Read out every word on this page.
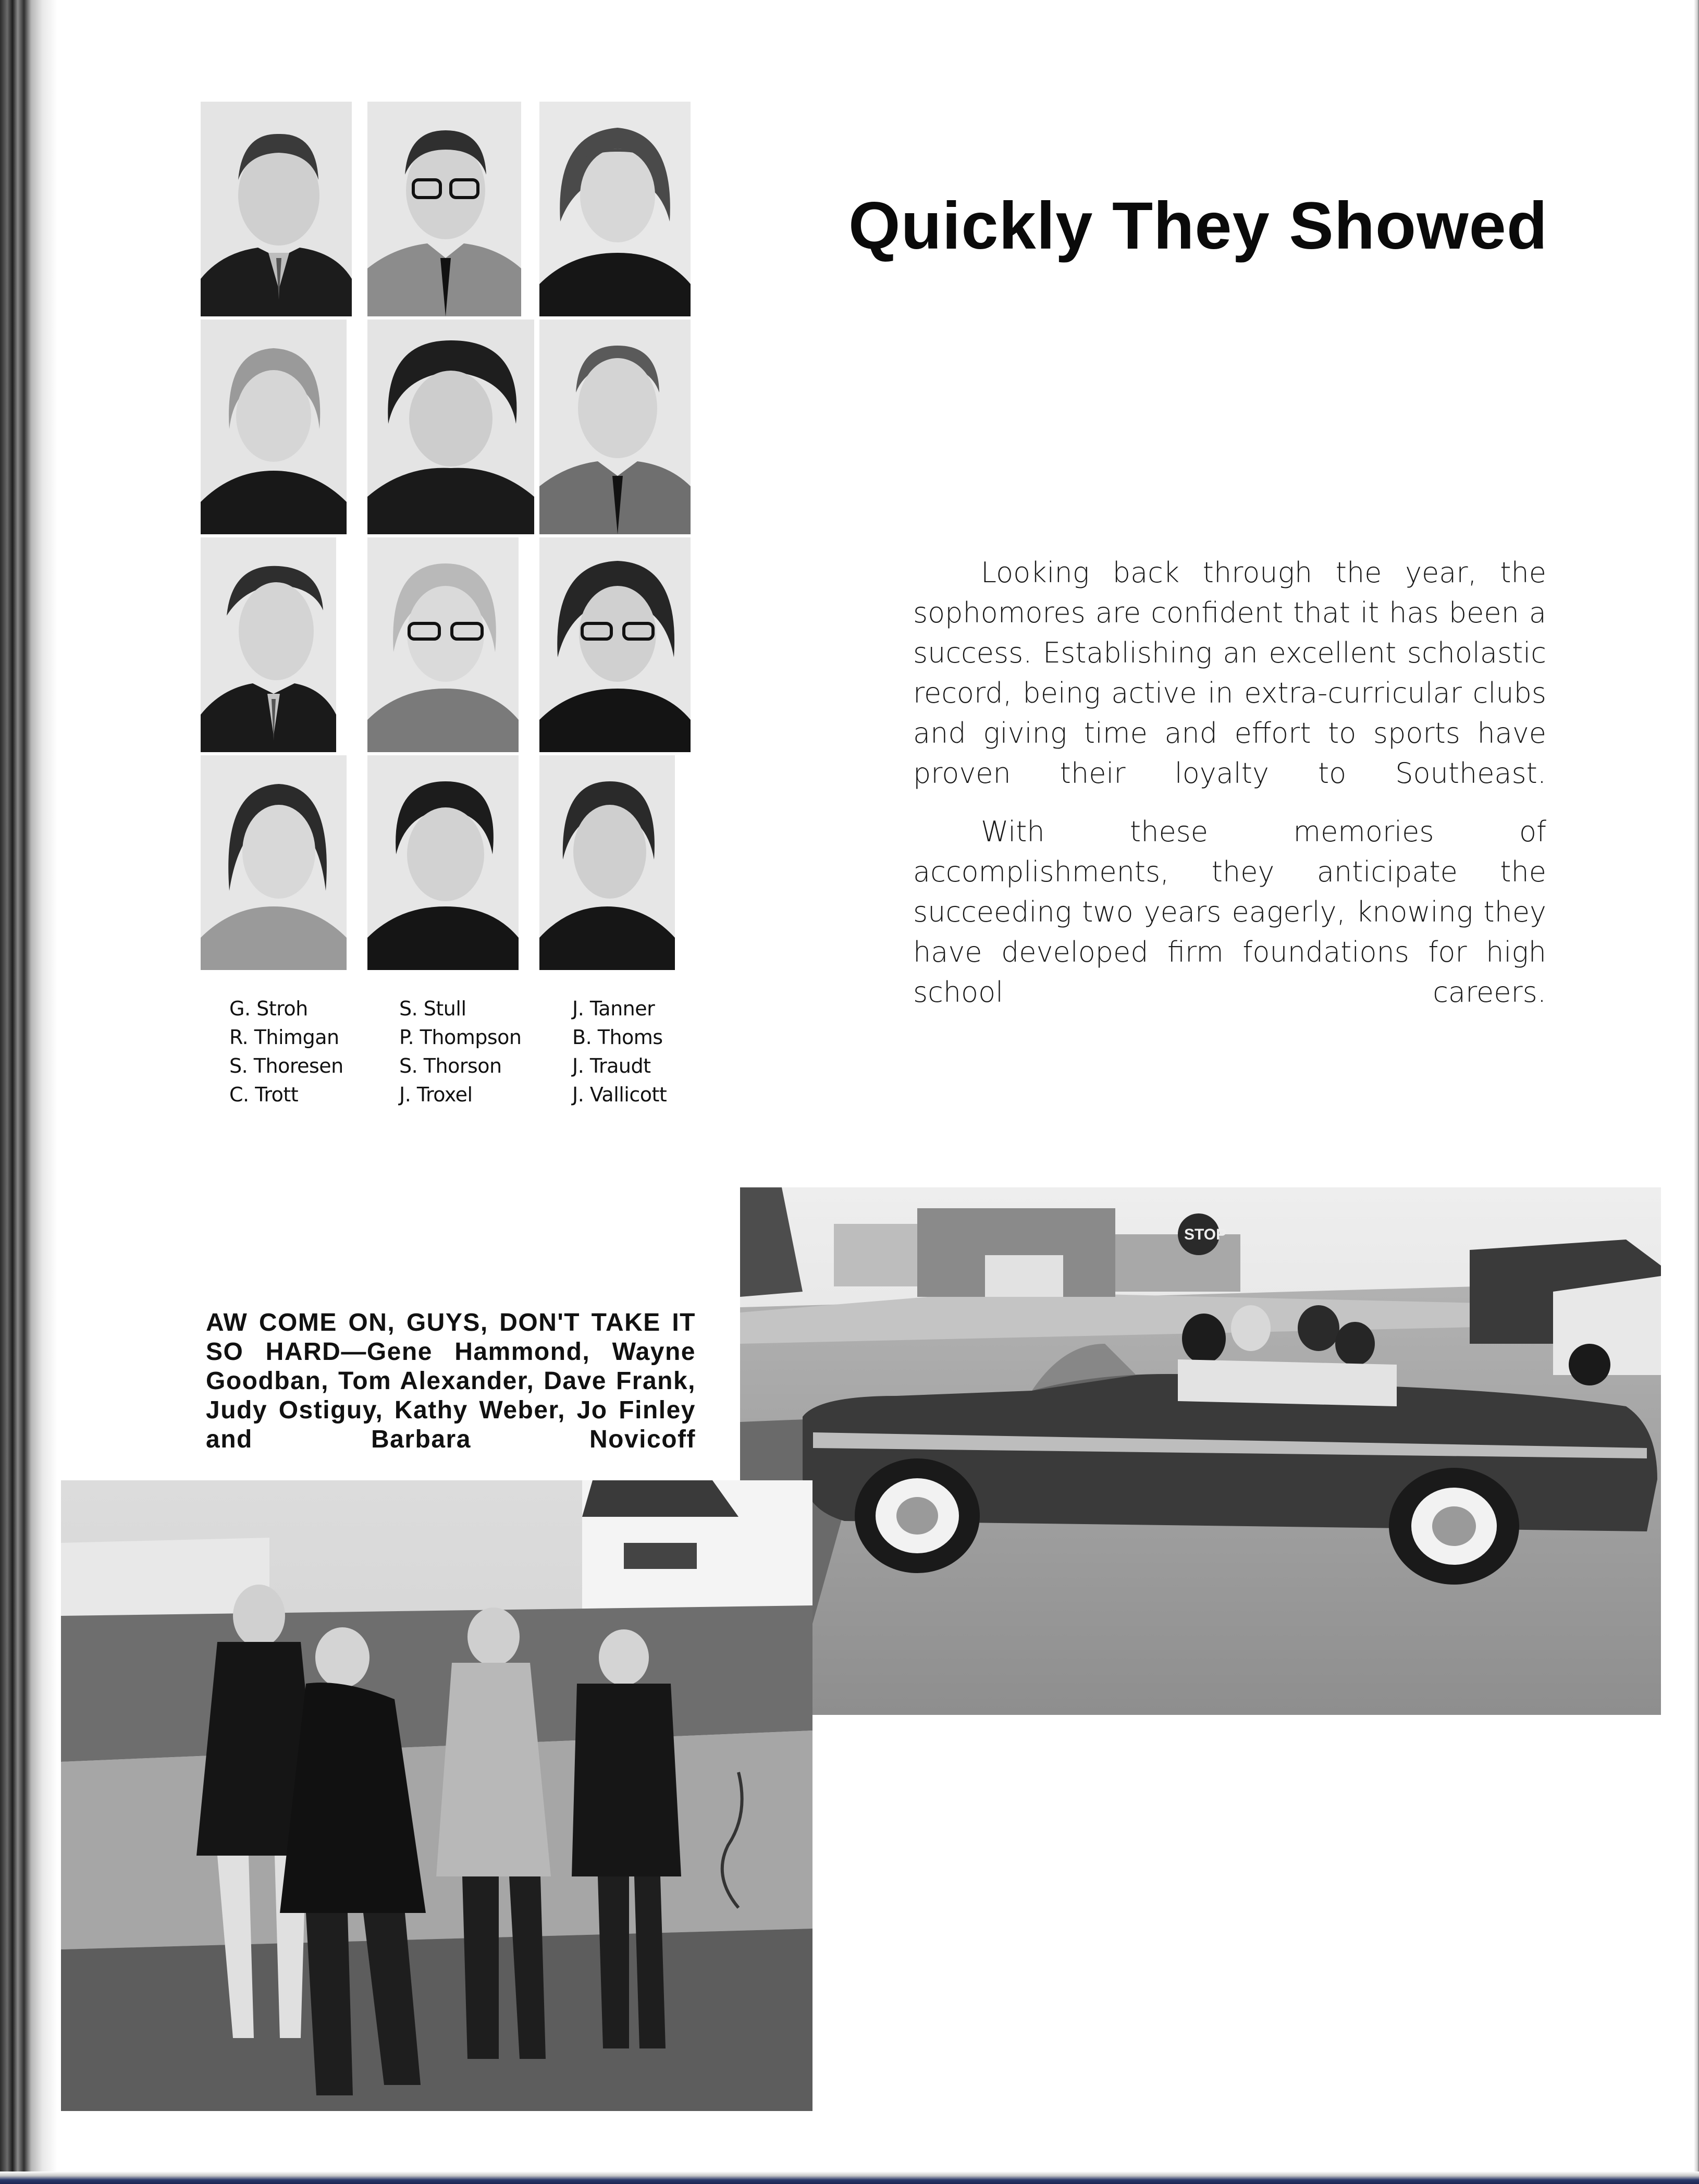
G. Stroh
R. Thimgan
S. Thoresen
C. Trott
S. Stull
P. Thompson
S. Thorson
J. Troxel
J. Tanner
B. Thoms
J. Traudt
J. Vallicott
Quickly They Showed

Looking back through the year, the sophomores are confident that it has been a success. Establishing an excellent scholastic record, being active in extra-curricular clubs and giving time and effort to sports have proven their loyalty to Southeast.

With these memories of accomplishments, they anticipate the succeeding two years eagerly, knowing they have developed firm foundations for high school careers.

STOP
AW COME ON, GUYS, DON'T TAKE IT SO HARD—Gene Hammond, Wayne Goodban, Tom Alexander, Dave Frank, Judy Ostiguy, Kathy Weber, Jo Finley and Barbara Novicoff
